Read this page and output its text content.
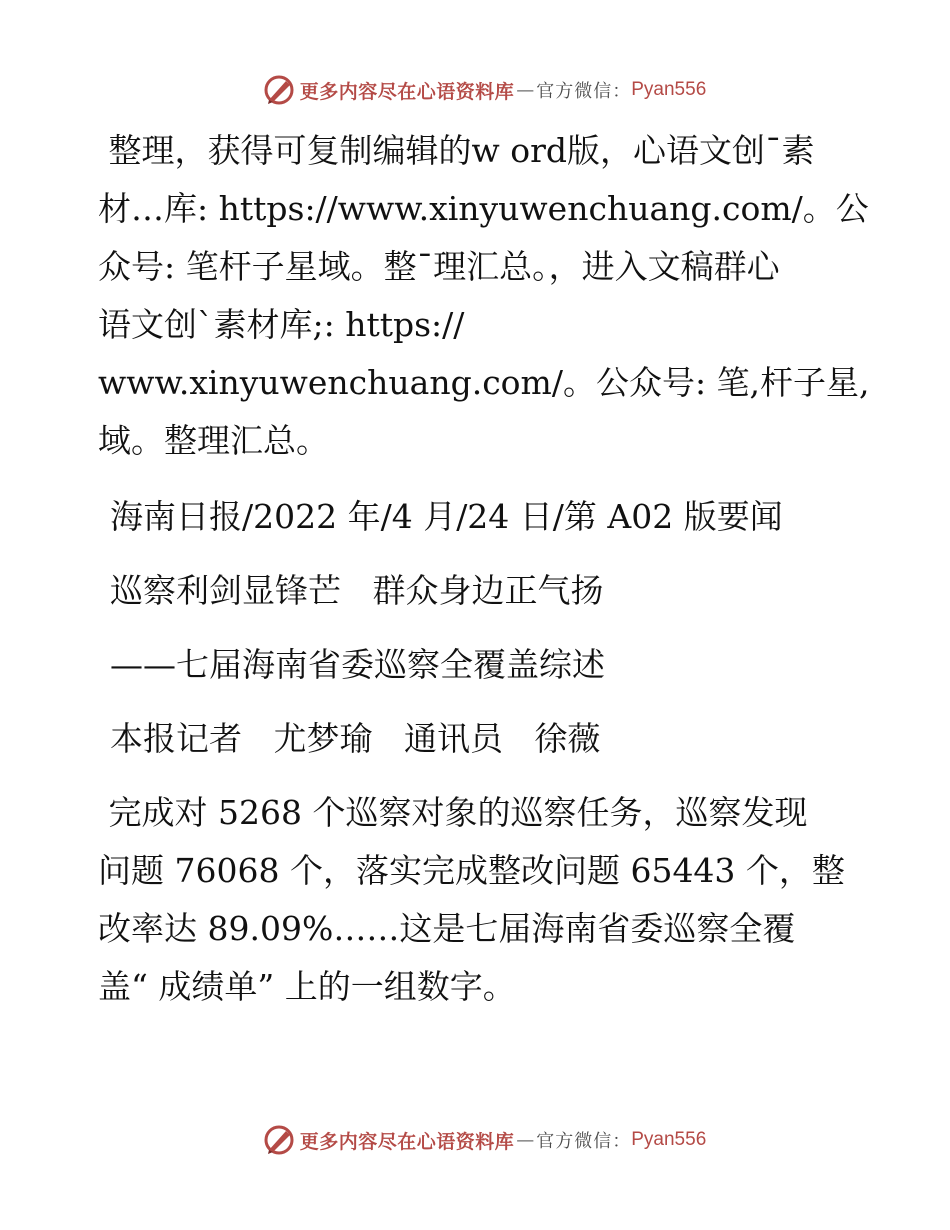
更多内容尽在心语资料库 — 官方微信： Pyan556

整理，获得可复制编辑的w ord版，心语文创¯素
材…库: https://www.xinyuwenchuang.com/。公
众号: 笔杆子星域。整¯理汇总。，进入文稿群心
语文创`素材库;: https://
www.xinyuwenchuang.com/。公众号: 笔,杆子星,
域。整理汇总。

海南日报/2022 年/4 月/24 日/第 A02 版要闻

巡察利剑显锋芒   群众身边正气扬

——七届海南省委巡察全覆盖综述

本报记者   尤梦瑜   通讯员   徐薇

完成对 5268 个巡察对象的巡察任务，巡察发现
问题 76068 个，落实完成整改问题 65443 个，整
改率达 89.09%……这是七届海南省委巡察全覆
盖“ 成绩单” 上的一组数字。

更多内容尽在心语资料库 — 官方微信： Pyan556
